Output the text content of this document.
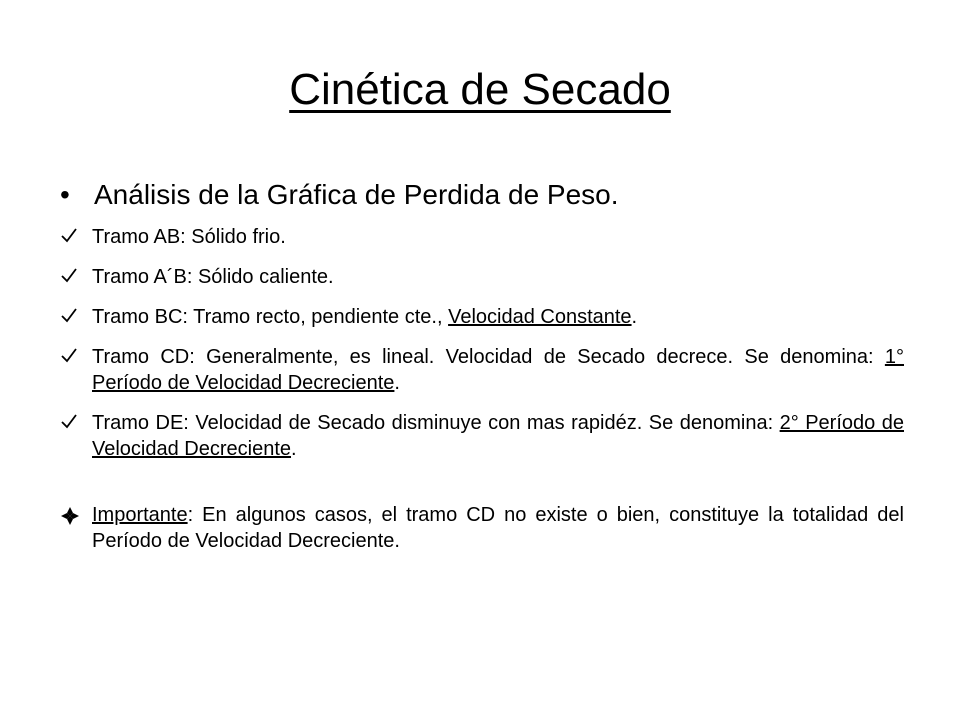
Cinética de Secado
• Análisis de la Gráfica de Perdida de Peso.
Tramo AB: Sólido frio.
Tramo A´B: Sólido caliente.
Tramo BC: Tramo recto, pendiente cte., Velocidad Constante.
Tramo CD: Generalmente, es lineal. Velocidad de Secado decrece. Se denomina: 1° Período de Velocidad Decreciente.
Tramo DE: Velocidad de Secado disminuye con mas rapidéz. Se denomina: 2° Período de Velocidad Decreciente.
Importante: En algunos casos, el tramo CD no existe o bien, constituye la totalidad del Período de Velocidad Decreciente.
